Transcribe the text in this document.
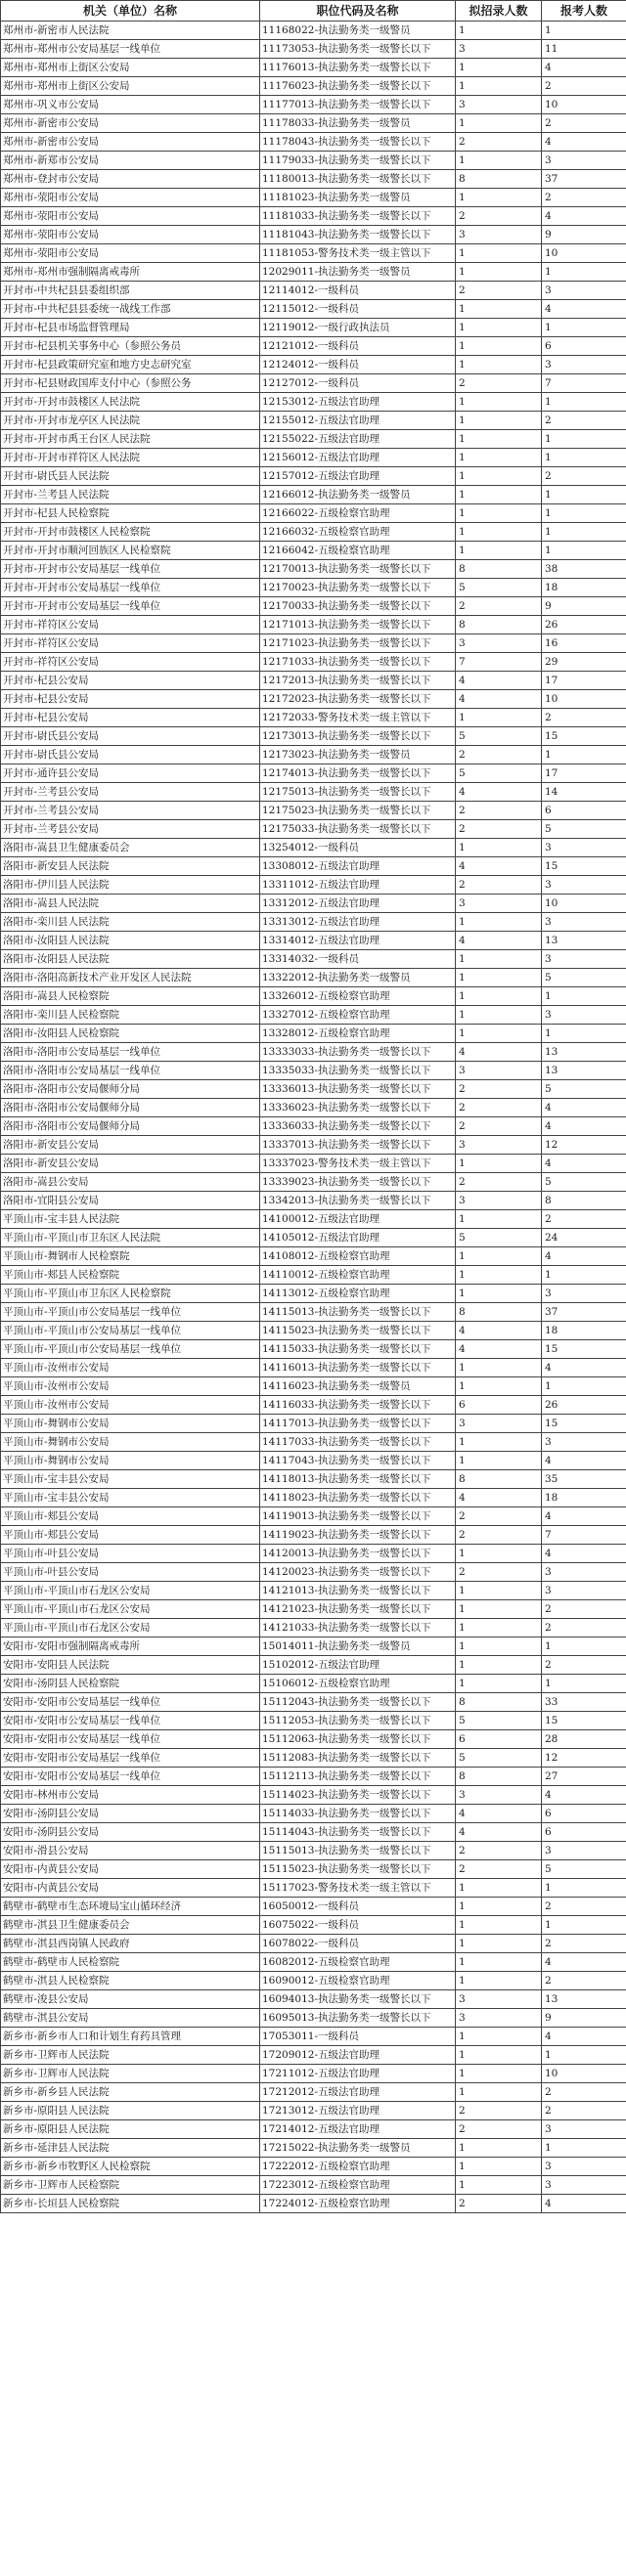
机关（单位）名称	职位代码及名称	拟招录人数	报考人数
郑州市-新密市人民法院	11168022-执法勤务类一级警员	1	1
郑州市-郑州市公安局基层一线单位	11173053-执法勤务类一级警长以下	3	11
郑州市-郑州市上街区公安局	11176013-执法勤务类一级警长以下	1	4
郑州市-郑州市上街区公安局	11176023-执法勤务类一级警长以下	1	2
郑州市-巩义市公安局	11177013-执法勤务类一级警长以下	3	10
郑州市-新密市公安局	11178033-执法勤务类一级警员	1	2
郑州市-新密市公安局	11178043-执法勤务类一级警长以下	2	4
郑州市-新郑市公安局	11179033-执法勤务类一级警长以下	1	3
郑州市-登封市公安局	11180013-执法勤务类一级警长以下	8	37
郑州市-荥阳市公安局	11181023-执法勤务类一级警员	1	2
郑州市-荥阳市公安局	11181033-执法勤务类一级警长以下	2	4
郑州市-荥阳市公安局	11181043-执法勤务类一级警长以下	3	9
郑州市-荥阳市公安局	11181053-警务技术类一级主管以下	1	10
郑州市-郑州市强制隔离戒毒所	12029011-执法勤务类一级警员	1	1
开封市-中共杞县县委组织部	12114012-一级科员	2	3
开封市-中共杞县县委统一战线工作部	12115012-一级科员	1	4
开封市-杞县市场监督管理局	12119012-一级行政执法员	1	1
开封市-杞县机关事务中心（参照公务员	12121012-一级科员	1	6
开封市-杞县政策研究室和地方史志研究室	12124012-一级科员	1	3
开封市-杞县财政国库支付中心（参照公务	12127012-一级科员	2	7
开封市-开封市鼓楼区人民法院	12153012-五级法官助理	1	1
开封市-开封市龙亭区人民法院	12155012-五级法官助理	1	2
开封市-开封市禹王台区人民法院	12155022-五级法官助理	1	1
开封市-开封市祥符区人民法院	12156012-五级法官助理	1	1
开封市-尉氏县人民法院	12157012-五级法官助理	1	2
开封市-兰考县人民法院	12166012-执法勤务类一级警员	1	1
开封市-杞县人民检察院	12166022-五级检察官助理	1	1
开封市-开封市鼓楼区人民检察院	12166032-五级检察官助理	1	1
开封市-开封市顺河回族区人民检察院	12166042-五级检察官助理	1	1
开封市-开封市公安局基层一线单位	12170013-执法勤务类一级警长以下	8	38
开封市-开封市公安局基层一线单位	12170023-执法勤务类一级警长以下	5	18
开封市-开封市公安局基层一线单位	12170033-执法勤务类一级警长以下	2	9
开封市-祥符区公安局	12171013-执法勤务类一级警长以下	8	26
开封市-祥符区公安局	12171023-执法勤务类一级警长以下	3	16
开封市-祥符区公安局	12171033-执法勤务类一级警长以下	7	29
开封市-杞县公安局	12172013-执法勤务类一级警长以下	4	17
开封市-杞县公安局	12172023-执法勤务类一级警长以下	4	10
开封市-杞县公安局	12172033-警务技术类一级主管以下	1	2
开封市-尉氏县公安局	12173013-执法勤务类一级警长以下	5	15
开封市-尉氏县公安局	12173023-执法勤务类一级警员	2	1
开封市-通许县公安局	12174013-执法勤务类一级警长以下	5	17
开封市-兰考县公安局	12175013-执法勤务类一级警长以下	4	14
开封市-兰考县公安局	12175023-执法勤务类一级警长以下	2	6
开封市-兰考县公安局	12175033-执法勤务类一级警长以下	2	5
洛阳市-嵩县卫生健康委员会	13254012-一级科员	1	3
洛阳市-新安县人民法院	13308012-五级法官助理	4	15
洛阳市-伊川县人民法院	13311012-五级法官助理	2	3
洛阳市-嵩县人民法院	13312012-五级法官助理	3	10
洛阳市-栾川县人民法院	13313012-五级法官助理	1	3
洛阳市-汝阳县人民法院	13314012-五级法官助理	4	13
洛阳市-汝阳县人民法院	13314032-一级科员	1	3
洛阳市-洛阳高新技术产业开发区人民法院	13322012-执法勤务类一级警员	1	5
洛阳市-嵩县人民检察院	13326012-五级检察官助理	1	1
洛阳市-栾川县人民检察院	13327012-五级检察官助理	1	3
洛阳市-汝阳县人民检察院	13328012-五级检察官助理	1	1
洛阳市-洛阳市公安局基层一线单位	13333033-执法勤务类一级警长以下	4	13
洛阳市-洛阳市公安局基层一线单位	13335033-执法勤务类一级警长以下	3	13
洛阳市-洛阳市公安局偃师分局	13336013-执法勤务类一级警长以下	2	5
洛阳市-洛阳市公安局偃师分局	13336023-执法勤务类一级警长以下	2	4
洛阳市-洛阳市公安局偃师分局	13336033-执法勤务类一级警长以下	2	4
洛阳市-新安县公安局	13337013-执法勤务类一级警长以下	3	12
洛阳市-新安县公安局	13337023-警务技术类一级主管以下	1	4
洛阳市-嵩县公安局	13339023-执法勤务类一级警长以下	2	5
洛阳市-宜阳县公安局	13342013-执法勤务类一级警长以下	3	8
平顶山市-宝丰县人民法院	14100012-五级法官助理	1	2
平顶山市-平顶山市卫东区人民法院	14105012-五级法官助理	5	24
平顶山市-舞钢市人民检察院	14108012-五级检察官助理	1	4
平顶山市-郏县人民检察院	14110012-五级检察官助理	1	1
平顶山市-平顶山市卫东区人民检察院	14113012-五级检察官助理	1	3
平顶山市-平顶山市公安局基层一线单位	14115013-执法勤务类一级警长以下	8	37
平顶山市-平顶山市公安局基层一线单位	14115023-执法勤务类一级警长以下	4	18
平顶山市-平顶山市公安局基层一线单位	14115033-执法勤务类一级警长以下	4	15
平顶山市-汝州市公安局	14116013-执法勤务类一级警长以下	1	4
平顶山市-汝州市公安局	14116023-执法勤务类一级警员	1	1
平顶山市-汝州市公安局	14116033-执法勤务类一级警长以下	6	26
平顶山市-舞钢市公安局	14117013-执法勤务类一级警长以下	3	15
平顶山市-舞钢市公安局	14117033-执法勤务类一级警长以下	1	3
平顶山市-舞钢市公安局	14117043-执法勤务类一级警长以下	1	4
平顶山市-宝丰县公安局	14118013-执法勤务类一级警长以下	8	35
平顶山市-宝丰县公安局	14118023-执法勤务类一级警长以下	4	18
平顶山市-郏县公安局	14119013-执法勤务类一级警长以下	2	4
平顶山市-郏县公安局	14119023-执法勤务类一级警长以下	2	7
平顶山市-叶县公安局	14120013-执法勤务类一级警长以下	1	4
平顶山市-叶县公安局	14120023-执法勤务类一级警长以下	2	3
平顶山市-平顶山市石龙区公安局	14121013-执法勤务类一级警长以下	1	3
平顶山市-平顶山市石龙区公安局	14121023-执法勤务类一级警长以下	1	2
平顶山市-平顶山市石龙区公安局	14121033-执法勤务类一级警长以下	1	2
安阳市-安阳市强制隔离戒毒所	15014011-执法勤务类一级警员	1	1
安阳市-安阳县人民法院	15102012-五级法官助理	1	2
安阳市-汤阴县人民检察院	15106012-五级检察官助理	1	1
安阳市-安阳市公安局基层一线单位	15112043-执法勤务类一级警长以下	8	33
安阳市-安阳市公安局基层一线单位	15112053-执法勤务类一级警长以下	5	15
安阳市-安阳市公安局基层一线单位	15112063-执法勤务类一级警长以下	6	28
安阳市-安阳市公安局基层一线单位	15112083-执法勤务类一级警长以下	5	12
安阳市-安阳市公安局基层一线单位	15112113-执法勤务类一级警长以下	8	27
安阳市-林州市公安局	15114023-执法勤务类一级警长以下	3	4
安阳市-汤阴县公安局	15114033-执法勤务类一级警长以下	4	6
安阳市-汤阴县公安局	15114043-执法勤务类一级警长以下	4	6
安阳市-滑县公安局	15115013-执法勤务类一级警长以下	2	3
安阳市-内黄县公安局	15115023-执法勤务类一级警长以下	2	5
安阳市-内黄县公安局	15117023-警务技术类一级主管以下	1	1
鹤壁市-鹤壁市生态环境局宝山循环经济	16050012-一级科员	1	2
鹤壁市-淇县卫生健康委员会	16075022-一级科员	1	1
鹤壁市-淇县西岗镇人民政府	16078022-一级科员	1	2
鹤壁市-鹤壁市人民检察院	16082012-五级检察官助理	1	4
鹤壁市-淇县人民检察院	16090012-五级检察官助理	1	2
鹤壁市-浚县公安局	16094013-执法勤务类一级警长以下	3	13
鹤壁市-淇县公安局	16095013-执法勤务类一级警长以下	3	9
新乡市-新乡市人口和计划生育药具管理	17053011-一级科员	1	4
新乡市-卫辉市人民法院	17209012-五级法官助理	1	1
新乡市-卫辉市人民法院	17211012-五级法官助理	1	10
新乡市-新乡县人民法院	17212012-五级法官助理	1	2
新乡市-原阳县人民法院	17213012-五级法官助理	2	2
新乡市-原阳县人民法院	17214012-五级法官助理	2	3
新乡市-延津县人民法院	17215022-执法勤务类一级警员	1	1
新乡市-新乡市牧野区人民检察院	17222012-五级检察官助理	1	3
新乡市-卫辉市人民检察院	17223012-五级检察官助理	1	3
新乡市-长垣县人民检察院	17224012-五级检察官助理	2	4
